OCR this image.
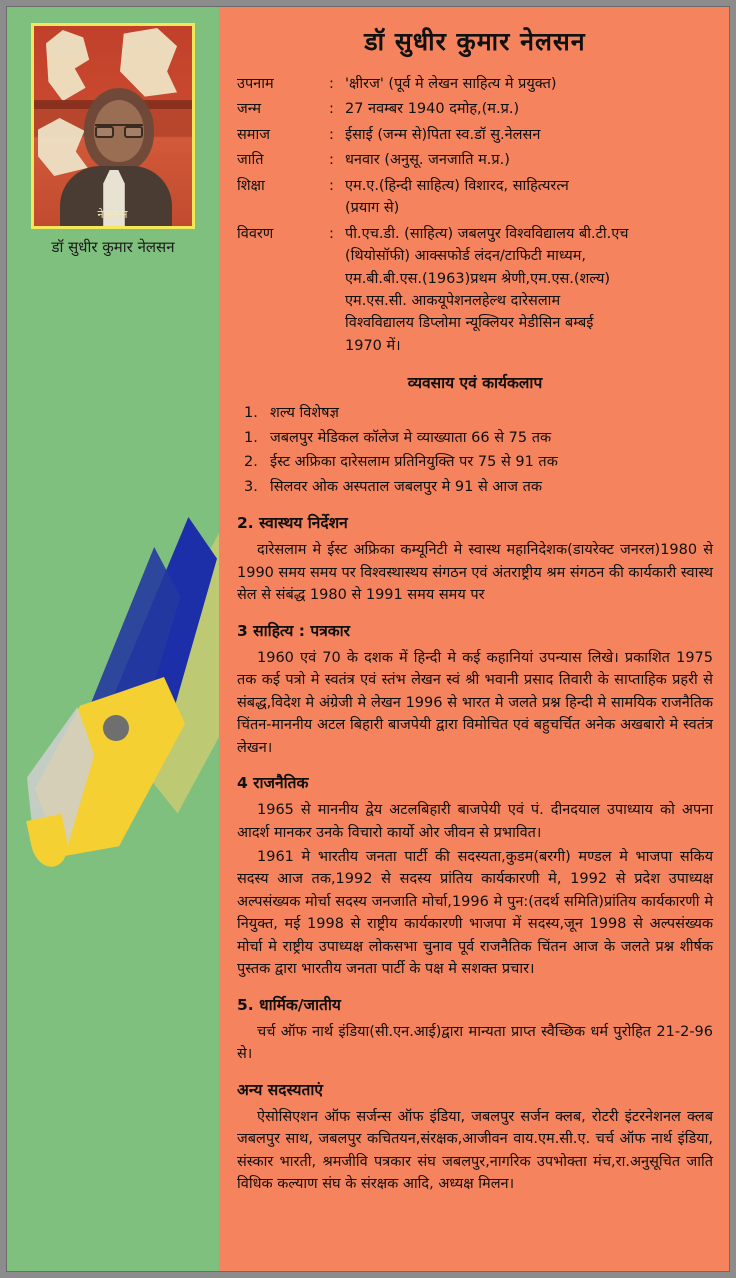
नेलसन
डॉ सुधीर कुमार नेलसन
डॉ सुधीर कुमार नेलसन
उपनाम	:	'क्षीरज' (पूर्व मे लेखन साहित्य मे प्रयुक्त)

जन्म	:	27 नवम्बर 1940 दमोह,(म.प्र.)

समाज	:	ईसाई (जन्म से)पिता स्व.डॉ सु.नेलसन

जाति	:	धनवार (अनुसू. जनजाति म.प्र.)

शिक्षा	:	एम.ए.(हिन्दी साहित्य) विशारद, साहित्यरत्न
(प्रयाग से)

विवरण	:	पी.एच.डी. (साहित्य) जबलपुर विश्वविद्यालय बी.टी.एच
(थियोसॉफी) आक्सफोर्ड लंदन/टाफिटी माध्यम,
एम.बी.बी.एस.(1963)प्रथम श्रेणी,एम.एस.(शल्य)
एम.एस.सी. आकयूपेशनलहेल्थ दारेसलाम
विश्वविद्यालय डिप्लोमा न्यूक्लियर मेडीसिन बम्बई
1970 में।
व्यवसाय एवं कार्यकलाप
1.	शल्य विशेषज्ञ
1.	जबलपुर मेडिकल कॉलेज मे व्याख्याता 66 से 75 तक
2.	ईस्ट अफ्रिका दारेसलाम प्रतिनियुक्ति पर 75 से 91 तक
3.	सिलवर ओक अस्पताल जबलपुर मे 91 से आज तक
2. स्वास्थय निर्देशन

दारेसलाम मे ईस्ट अफ्रिका कम्यूनिटी मे स्वास्थ महानिदेशक(डायरेक्ट जनरल)1980 से 1990 समय समय पर विश्वस्थास्थय संगठन एवं अंतराष्ट्रीय श्रम संगठन की कार्यकारी स्वास्थ सेल से संबंद्ध 1980 से 1991 समय समय पर

3 साहित्य : पत्रकार

1960 एवं 70 के दशक में हिन्दी मे कई कहानियां उपन्यास लिखे। प्रकाशित 1975 तक कई पत्रो मे स्वतंत्र एवं स्तंभ लेखन स्वं श्री भवानी प्रसाद तिवारी के साप्ताहिक प्रहरी से संबद्ध,विदेश मे अंग्रेजी मे लेखन 1996 से भारत मे जलते प्रश्न हिन्दी मे सामयिक राजनैतिक चिंतन-माननीय अटल बिहारी बाजपेयी द्वारा विमोचित एवं बहुचर्चित अनेक अखबारो मे स्वतंत्र लेखन।

4 राजनैतिक

1965 से माननीय द्वेय अटलबिहारी बाजपेयी एवं पं. दीनदयाल उपाध्याय को अपना आदर्श मानकर उनके विचारो कार्यो ओर जीवन से प्रभावित।

1961 मे भारतीय जनता पार्टी की सदस्यता,कुडम(बरगी) मण्डल मे भाजपा सकिय सदस्य आज तक,1992 से सदस्य प्रांतिय कार्यकारणी मे, 1992 से प्रदेश उपाध्यक्ष अल्पसंख्यक मोर्चा सदस्य जनजाति मोर्चा,1996 मे पुन:(तदर्थ समिति)प्रांतिय कार्यकारणी मे नियुक्त, मई 1998 से राष्ट्रीय कार्यकारणी भाजपा में सदस्य,जून 1998 से अल्पसंख्यक मोर्चा मे राष्ट्रीय उपाध्यक्ष लोकसभा चुनाव पूर्व राजनैतिक चिंतन आज के जलते प्रश्न शीर्षक पुस्तक द्वारा भारतीय जनता पार्टी के पक्ष मे सशक्त प्रचार।

5. धार्मिक/जातीय

चर्च ऑफ नार्थ इंडिया(सी.एन.आई)द्वारा मान्यता प्राप्त स्वैच्छिक धर्म पुरोहित 21-2-96 से।

अन्य सदस्यताएं

ऐसोसिएशन ऑफ सर्जन्स ऑफ इंडिया, जबलपुर सर्जन क्लब, रोटरी इंटरनेशनल क्लब जबलपुर साथ, जबलपुर कचितयन,संरक्षक,आजीवन वाय.एम.सी.ए. चर्च ऑफ नार्थ इंडिया, संस्कार भारती, श्रमजीवि पत्रकार संघ जबलपुर,नागरिक उपभोक्ता मंच,रा.अनुसूचित जाति विधिक कल्याण संघ के संरक्षक आदि, अध्यक्ष मिलन।
